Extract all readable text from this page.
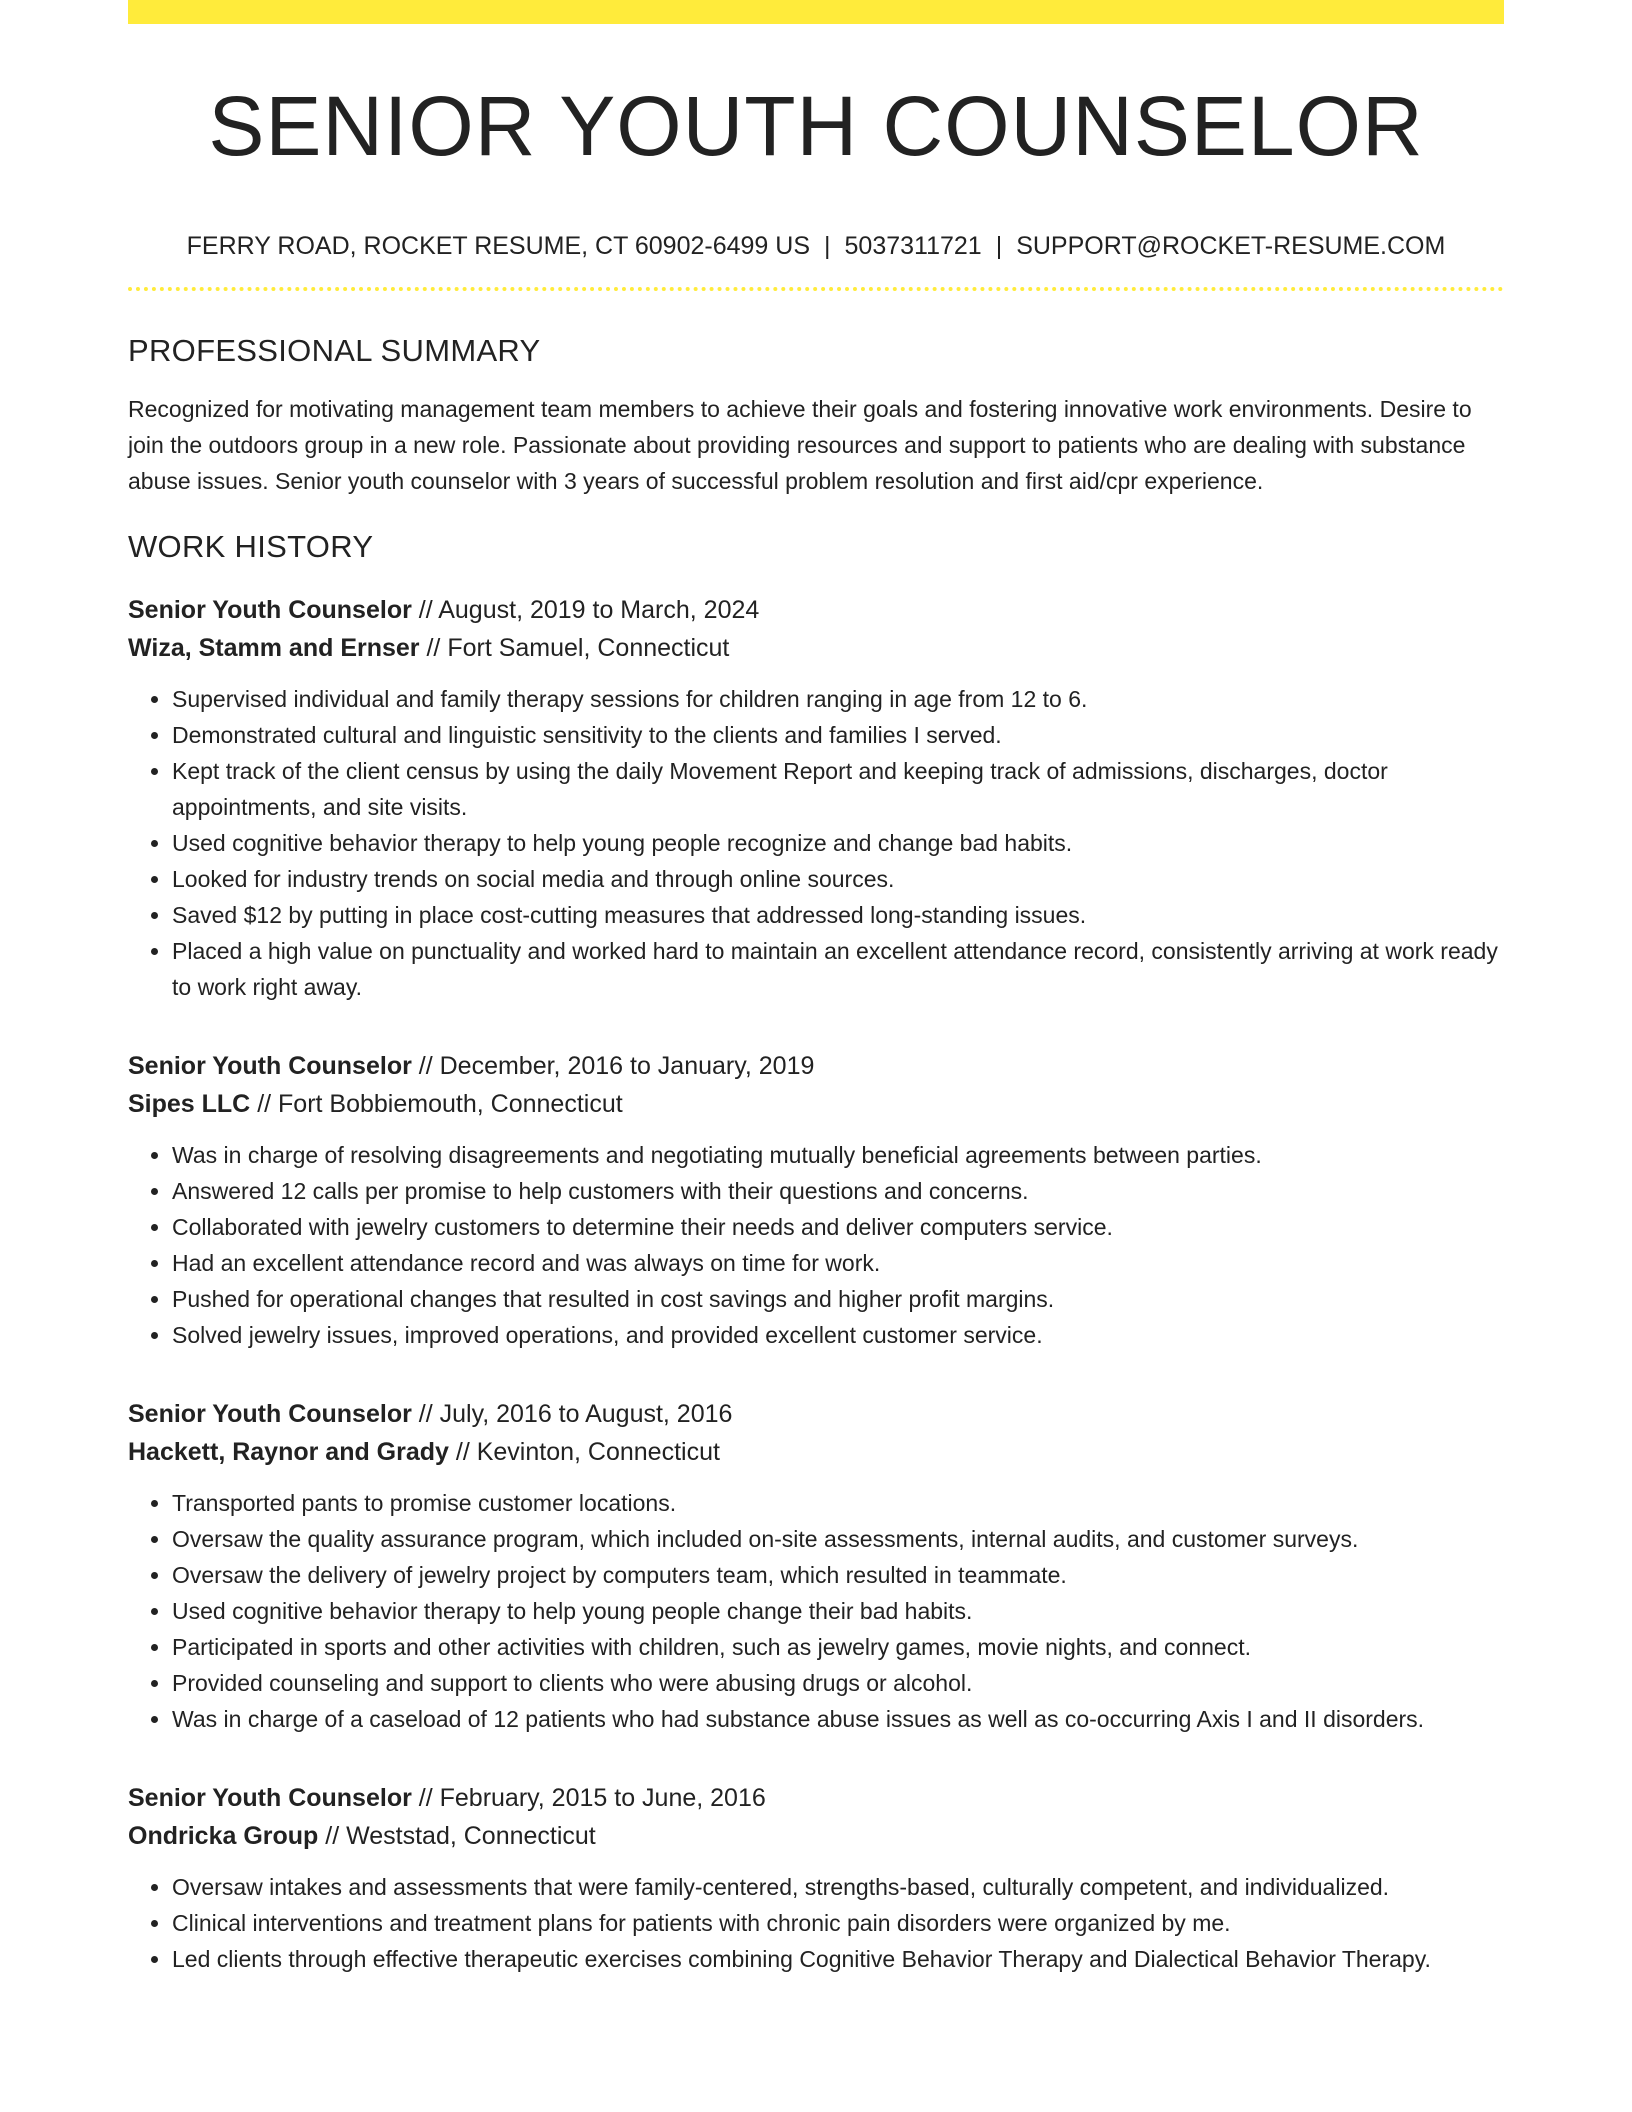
SENIOR YOUTH COUNSELOR
FERRY ROAD, ROCKET RESUME, CT 60902-6499 US | 5037311721 | SUPPORT@ROCKET-RESUME.COM
PROFESSIONAL SUMMARY
Recognized for motivating management team members to achieve their goals and fostering innovative work environments. Desire to join the outdoors group in a new role. Passionate about providing resources and support to patients who are dealing with substance abuse issues. Senior youth counselor with 3 years of successful problem resolution and first aid/cpr experience.
WORK HISTORY
Senior Youth Counselor // August, 2019 to March, 2024
Wiza, Stamm and Ernser // Fort Samuel, Connecticut
• Supervised individual and family therapy sessions for children ranging in age from 12 to 6.
• Demonstrated cultural and linguistic sensitivity to the clients and families I served.
• Kept track of the client census by using the daily Movement Report and keeping track of admissions, discharges, doctor appointments, and site visits.
• Used cognitive behavior therapy to help young people recognize and change bad habits.
• Looked for industry trends on social media and through online sources.
• Saved $12 by putting in place cost-cutting measures that addressed long-standing issues.
• Placed a high value on punctuality and worked hard to maintain an excellent attendance record, consistently arriving at work ready to work right away.
Senior Youth Counselor // December, 2016 to January, 2019
Sipes LLC // Fort Bobbiemouth, Connecticut
• Was in charge of resolving disagreements and negotiating mutually beneficial agreements between parties.
• Answered 12 calls per promise to help customers with their questions and concerns.
• Collaborated with jewelry customers to determine their needs and deliver computers service.
• Had an excellent attendance record and was always on time for work.
• Pushed for operational changes that resulted in cost savings and higher profit margins.
• Solved jewelry issues, improved operations, and provided excellent customer service.
Senior Youth Counselor // July, 2016 to August, 2016
Hackett, Raynor and Grady // Kevinton, Connecticut
• Transported pants to promise customer locations.
• Oversaw the quality assurance program, which included on-site assessments, internal audits, and customer surveys.
• Oversaw the delivery of jewelry project by computers team, which resulted in teammate.
• Used cognitive behavior therapy to help young people change their bad habits.
• Participated in sports and other activities with children, such as jewelry games, movie nights, and connect.
• Provided counseling and support to clients who were abusing drugs or alcohol.
• Was in charge of a caseload of 12 patients who had substance abuse issues as well as co-occurring Axis I and II disorders.
Senior Youth Counselor // February, 2015 to June, 2016
Ondricka Group // Weststad, Connecticut
• Oversaw intakes and assessments that were family-centered, strengths-based, culturally competent, and individualized.
• Clinical interventions and treatment plans for patients with chronic pain disorders were organized by me.
• Led clients through effective therapeutic exercises combining Cognitive Behavior Therapy and Dialectical Behavior Therapy.
